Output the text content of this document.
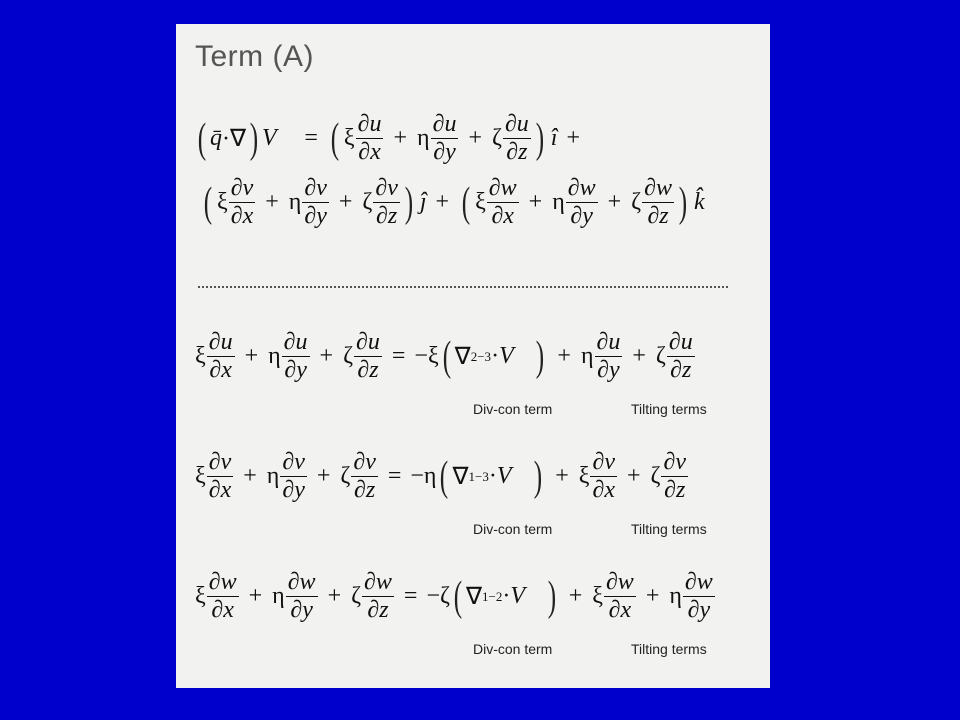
Term (A)
( q̄ ·∇ ) V⃗ = ( ξ $\frac{\partial u}{\partial x} + \eta \frac{\partial u}{\partial y} + \zeta \frac{\partial u}{\partial z}$ ) î +
( ξ $\frac{\partial v}{\partial x} + \eta \frac{\partial v}{\partial y} + \zeta \frac{\partial v}{\partial z}$ ) ĵ + ( ξ $\frac{\partial w}{\partial x} + \eta \frac{\partial w}{\partial y} + \zeta \frac{\partial w}{\partial z}$ ) k̂
ξ $\frac{\partial u}{\partial x} + \eta \frac{\partial u}{\partial y} + \zeta \frac{\partial u}{\partial z} = -\xi$ ( ∇ 2−3 · V⃗ ) + η $\frac{\partial u}{\partial y} + \zeta \frac{\partial u}{\partial z}$
Div-con term	Tilting terms
ξ $\frac{\partial v}{\partial x} + \eta \frac{\partial v}{\partial y} + \zeta \frac{\partial v}{\partial z} = -\eta$ ( ∇ 1−3 · V⃗ ) + ξ $\frac{\partial v}{\partial x} + \zeta \frac{\partial v}{\partial z}$
Div-con term	Tilting terms
ξ $\frac{\partial w}{\partial x} + \eta \frac{\partial w}{\partial y} + \zeta \frac{\partial w}{\partial z} = -\zeta$ ( ∇ 1−2 · V⃗ ) + ξ $\frac{\partial w}{\partial x} + \eta \frac{\partial w}{\partial y}$
Div-con term	Tilting terms
